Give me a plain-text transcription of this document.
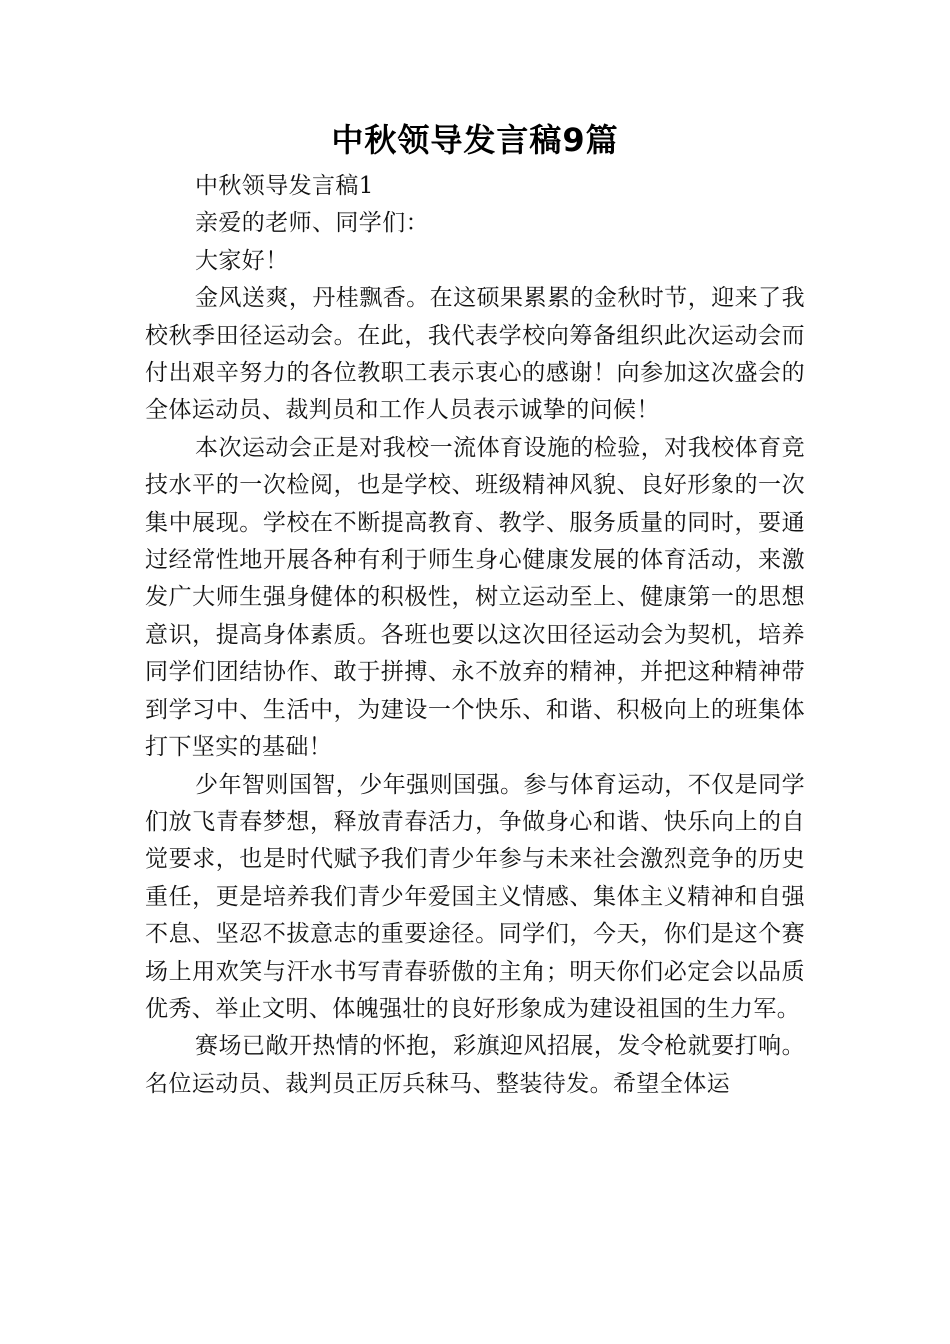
中秋领导发言稿9篇

中秋领导发言稿1

亲爱的老师、同学们：

大家好！

金风送爽，丹桂飘香。在这硕果累累的金秋时节，迎来了我校秋季田径运动会。在此，我代表学校向筹备组织此次运动会而付出艰辛努力的各位教职工表示衷心的感谢！向参加这次盛会的全体运动员、裁判员和工作人员表示诚挚的问候！

本次运动会正是对我校一流体育设施的检验，对我校体育竞技水平的一次检阅，也是学校、班级精神风貌、良好形象的一次集中展现。学校在不断提高教育、教学、服务质量的同时，要通过经常性地开展各种有利于师生身心健康发展的体育活动，来激发广大师生强身健体的积极性，树立运动至上、健康第一的思想意识，提高身体素质。各班也要以这次田径运动会为契机，培养同学们团结协作、敢于拼搏、永不放弃的精神，并把这种精神带到学习中、生活中，为建设一个快乐、和谐、积极向上的班集体打下坚实的基础！

少年智则国智，少年强则国强。参与体育运动，不仅是同学们放飞青春梦想，释放青春活力，争做身心和谐、快乐向上的自觉要求，也是时代赋予我们青少年参与未来社会激烈竞争的历史重任，更是培养我们青少年爱国主义情感、集体主义精神和自强不息、坚忍不拔意志的重要途径。同学们，今天，你们是这个赛场上用欢笑与汗水书写青春骄傲的主角；明天你们必定会以品质优秀、举止文明、体魄强壮的良好形象成为建设祖国的生力军。

赛场已敞开热情的怀抱，彩旗迎风招展，发令枪就要打响。名位运动员、裁判员正厉兵秣马、整装待发。希望全体运
